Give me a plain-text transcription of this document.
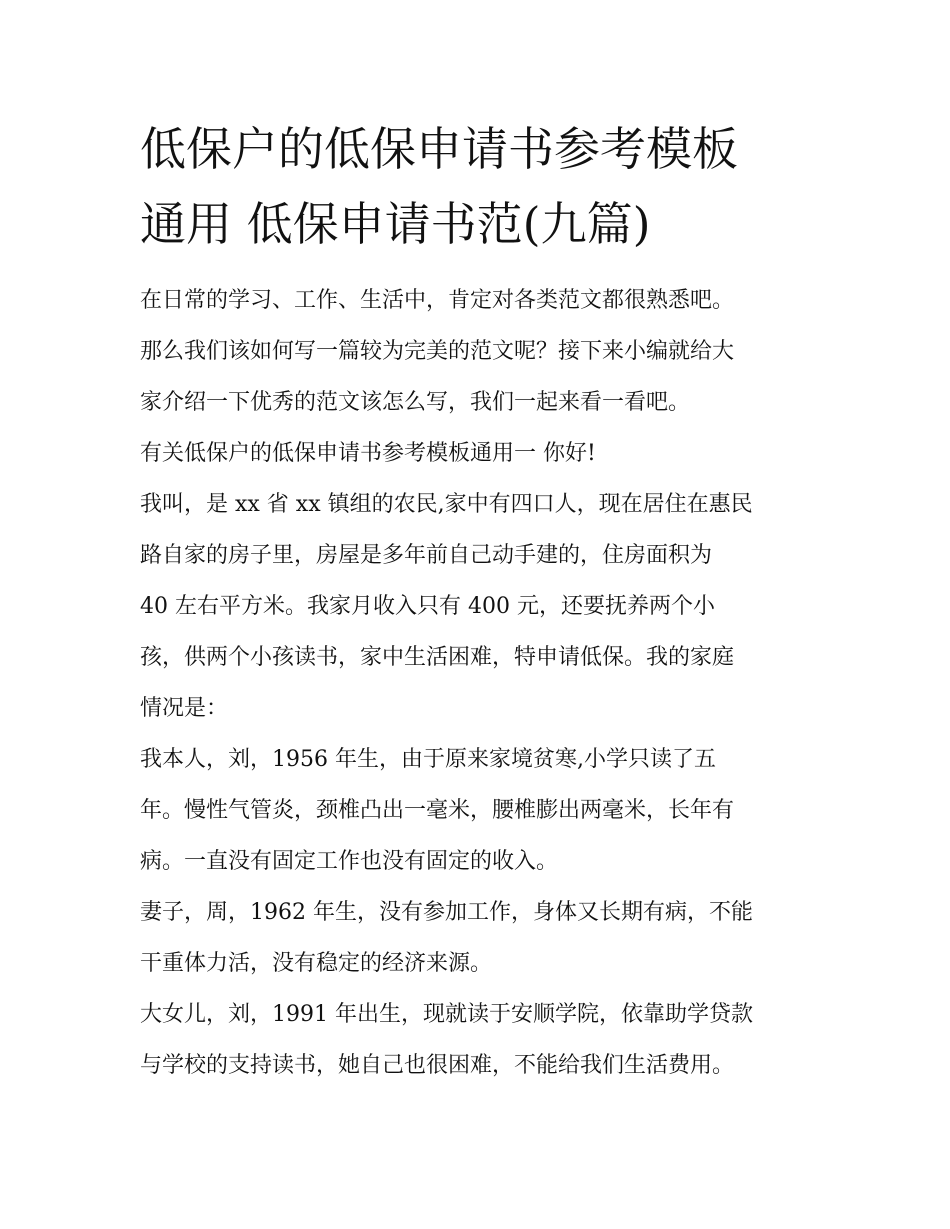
低保户的低保申请书参考模板
通用 低保申请书范(九篇)
在日常的学习、工作、生活中，肯定对各类范文都很熟悉吧。
那么我们该如何写一篇较为完美的范文呢？接下来小编就给大
家介绍一下优秀的范文该怎么写，我们一起来看一看吧。
有关低保户的低保申请书参考模板通用一 你好!
我叫，是 xx 省 xx 镇组的农民,家中有四口人，现在居住在惠民
路自家的房子里，房屋是多年前自己动手建的，住房面积为
40 左右平方米。我家月收入只有 400 元，还要抚养两个小
孩，供两个小孩读书，家中生活困难，特申请低保。我的家庭
情况是：
我本人，刘，1956 年生，由于原来家境贫寒,小学只读了五
年。慢性气管炎，颈椎凸出一毫米，腰椎膨出两毫米，长年有
病。一直没有固定工作也没有固定的收入。
妻子，周，1962 年生，没有参加工作，身体又长期有病，不能
干重体力活，没有稳定的经济来源。
大女儿，刘，1991 年出生，现就读于安顺学院，依靠助学贷款
与学校的支持读书，她自己也很困难，不能给我们生活费用。
